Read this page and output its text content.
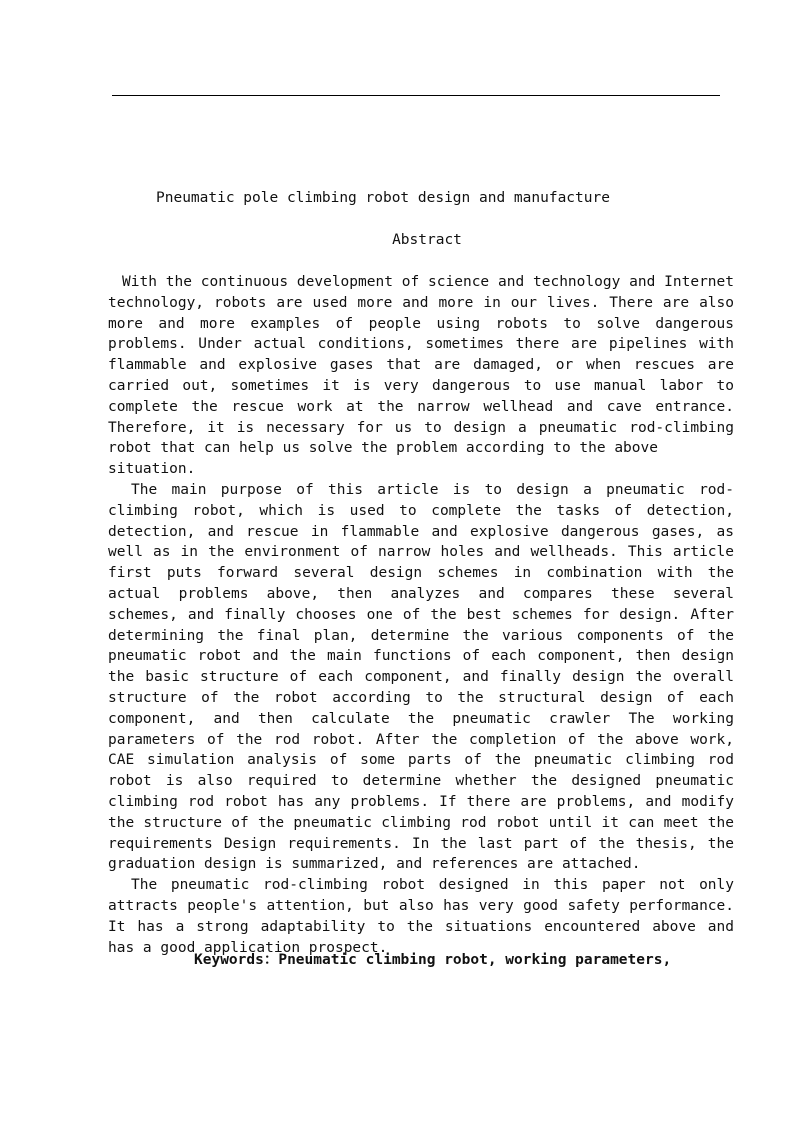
Pneumatic pole climbing robot design and manufacture
Abstract

With the continuous development of science and technology and Internet technology, robots are used more and more in our lives. There are also more and more examples of people using robots to solve dangerous problems. Under actual conditions, sometimes there are pipelines with flammable and explosive gases that are damaged, or when rescues are carried out, sometimes it is very dangerous to use manual labor to complete the rescue work at the narrow wellhead and cave entrance. Therefore, it is necessary for us to design a pneumatic rod-climbing robot that can help us solve the problem according to the above

situation.

The main purpose of this article is to design a pneumatic rod-climbing robot, which is used to complete the tasks of detection, detection, and rescue in flammable and explosive dangerous gases, as well as in the environment of narrow holes and wellheads. This article first puts forward several design schemes in combination with the actual problems above, then analyzes and compares these several schemes, and finally chooses one of the best schemes for design. After determining the final plan, determine the various components of the pneumatic robot and the main functions of each component, then design the basic structure of each component, and finally design the overall structure of the robot according to the structural design of each component, and then calculate the pneumatic crawler The working parameters of the rod robot. After the completion of the above work, CAE simulation analysis of some parts of the pneumatic climbing rod robot is also required to determine whether the designed pneumatic climbing rod robot has any problems. If there are problems, and modify the structure of the pneumatic climbing rod robot until it can meet the requirements Design requirements. In the last part of the thesis, the graduation design is summarized, and references are attached.

The pneumatic rod-climbing robot designed in this paper not only attracts people's attention, but also has very good safety performance. It has a strong adaptability to the situations encountered above and has a good application prospect.

Keywords：Pneumatic climbing robot, working parameters,
